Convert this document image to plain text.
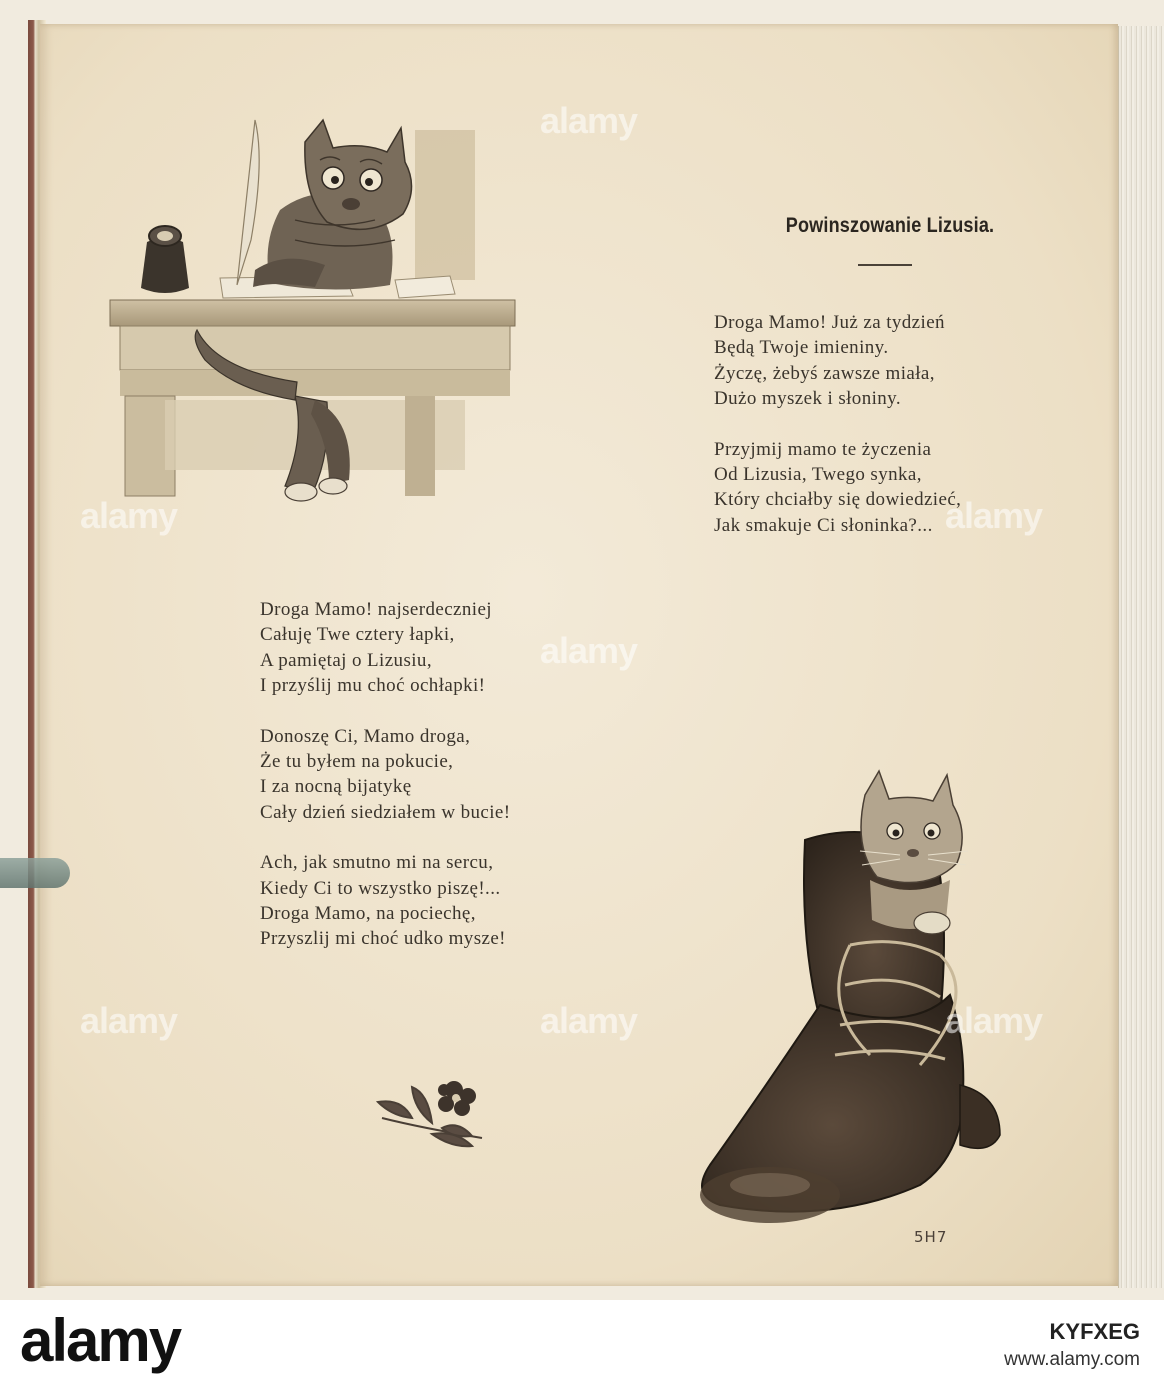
5H7
Powinszowanie Lizusia.
Droga Mamo! Już za tydzień
Będą Twoje imieniny.
Życzę, żebyś zawsze miała,
Dużo myszek i słoniny.
Przyjmij mamo te życzenia
Od Lizusia, Twego synka,
Który chciałby się dowiedzieć,
Jak smakuje Ci słoninka?...
Droga Mamo! najserdeczniej
Całuję Twe cztery łapki,
A pamiętaj o Lizusiu,
I przyślij mu choć ochłapki!
Donoszę Ci, Mamo droga,
Że tu byłem na pokucie,
I za nocną bijatykę
Cały dzień siedziałem w bucie!
Ach, jak smutno mi na sercu,
Kiedy Ci to wszystko piszę!...
Droga Mamo, na pociechę,
Przyszlij mi choć udko mysze!
alamy
alamy
alamy
alamy
alamy	alamy	alamy
alamy	KYFXEG
www.alamy.com
